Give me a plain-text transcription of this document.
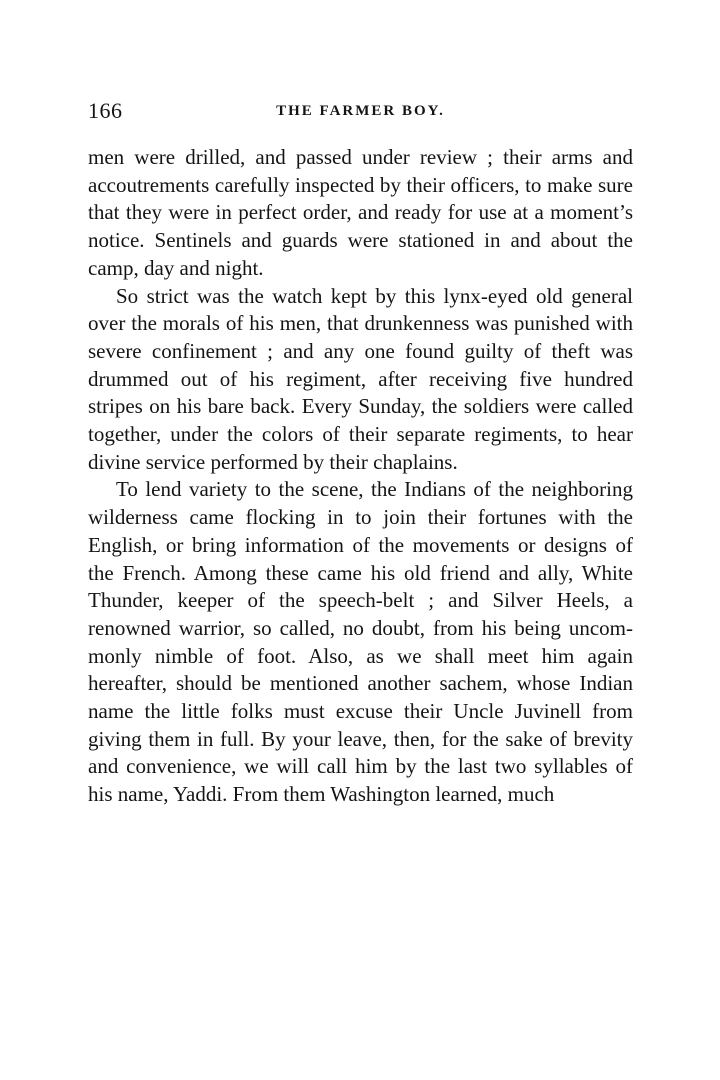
166	THE FARMER BOY.

men were drilled, and passed under review ; their arms and accoutrements carefully inspected by their officers, to make sure that they were in perfect order, and ready for use at a moment’s notice. Sentinels and guards were stationed in and about the camp, day and night.

So strict was the watch kept by this lynx-eyed old general over the morals of his men, that drunkenness was punished with severe confinement ; and any one found guilty of theft was drummed out of his regiment, after receiving five hundred stripes on his bare back. Every Sunday, the soldiers were called together, under the colors of their separate regiments, to hear divine service performed by their chaplains.

To lend variety to the scene, the Indians of the neighboring wilderness came flocking in to join their fortunes with the English, or bring information of the movements or designs of the French. Among these came his old friend and ally, White Thunder, keeper of the speech-belt ; and Silver Heels, a renowned warrior, so called, no doubt, from his being uncommonly nimble of foot. Also, as we shall meet him again hereafter, should be mentioned another sachem, whose Indian name the little folks must excuse their Uncle Juvinell from giving them in full. By your leave, then, for the sake of brevity and convenience, we will call him by the last two syllables of his name, Yaddi. From them Washington learned, much
